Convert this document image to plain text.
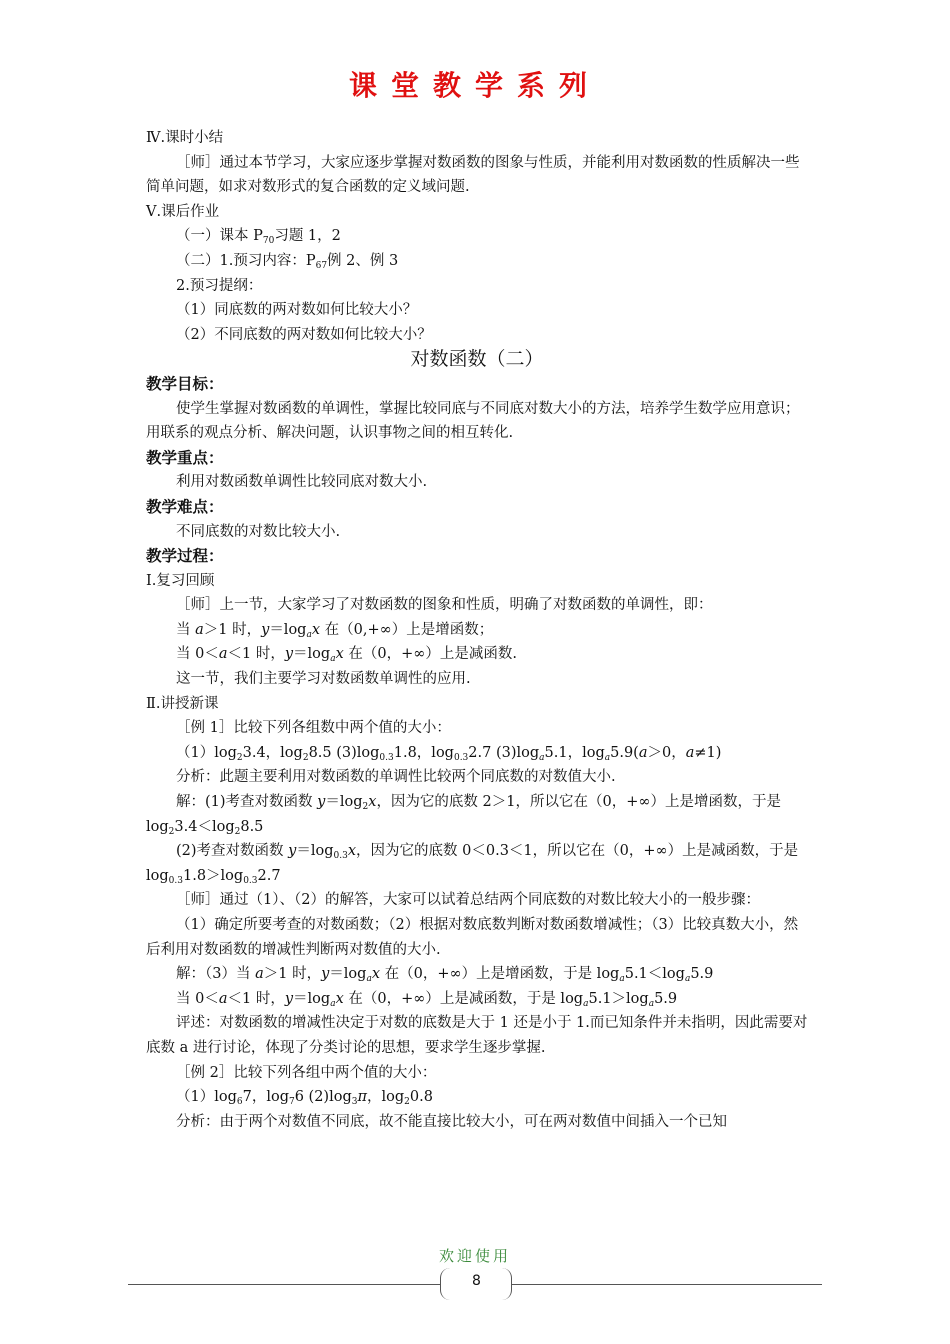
课堂教学系列

Ⅳ.课时小结

［师］通过本节学习，大家应逐步掌握对数函数的图象与性质，并能利用对数函数的性质解决一些简单问题，如求对数形式的复合函数的定义域问题.

Ⅴ.课后作业

（一）课本 $P_{70}$习题 1，2

（二）1.预习内容：$P_{67}$例 2、例 3

2.预习提纲：

（1）同底数的两对数如何比较大小？

（2）不同底数的两对数如何比较大小？

对数函数（二）

教学目标：

使学生掌握对数函数的单调性，掌握比较同底与不同底对数大小的方法，培养学生数学应用意识；用联系的观点分析、解决问题，认识事物之间的相互转化.

教学重点：

利用对数函数单调性比较同底对数大小.

教学难点：

不同底数的对数比较大小.

教学过程：

Ⅰ.复习回顾

［师］上一节，大家学习了对数函数的图象和性质，明确了对数函数的单调性，即：

当 a＞1 时，$y=\log_ax$ 在（0,+∞）上是增函数；

当 0＜a＜1 时，$y=\log_ax$ 在（0，+∞）上是减函数.

这一节，我们主要学习对数函数单调性的应用.

Ⅱ.讲授新课

［例 1］比较下列各组数中两个值的大小：

$(1)\log_23.4$，$\log_28.5$ $(3)\log_{0.3}1.8$，$\log_{0.3}2.7$ $(3)\log_a5.1$，$\log_a5.9(a>0$，a≠1)

分析：此题主要利用对数函数的单调性比较两个同底数的对数值大小.

解：(1)考查对数函数 $y=\log_2x$，因为它的底数 2＞1，所以它在（0，+∞）上是增函数，于是 $\log_23.4<\log_28.5$

(2)考查对数函数 $y=\log_{0.3}x$，因为它的底数 0＜0.3＜1，所以它在（0，+∞）上是减函数，于是 $\log_{0.3}1.8>\log_{0.3}2.7$

［师］通过（1）、（2）的解答，大家可以试着总结两个同底数的对数比较大小的一般步骤：

（1）确定所要考查的对数函数；（2）根据对数底数判断对数函数增减性；（3）比较真数大小，然后利用对数函数的增减性判断两对数值的大小.

解：（3）当 a＞1 时，$y=\log_ax$ 在（0，+∞）上是增函数，于是 $\log_a5.1<\log_a5.9$

当 0＜a＜1 时，$y=\log_ax$ 在（0，+∞）上是减函数，于是 $\log_a5.1>\log_a5.9$

评述：对数函数的增减性决定于对数的底数是大于 1 还是小于 1.而已知条件并未指明，因此需要对底数 a 进行讨论，体现了分类讨论的思想，要求学生逐步掌握.

［例 2］比较下列各组中两个值的大小：

$(1)\log_67$，$\log_76$ $(2)\log_3\pi$，$\log_20.8$

分析：由于两个对数值不同底，故不能直接比较大小，可在两对数值中间插入一个已知

欢迎使用
8
